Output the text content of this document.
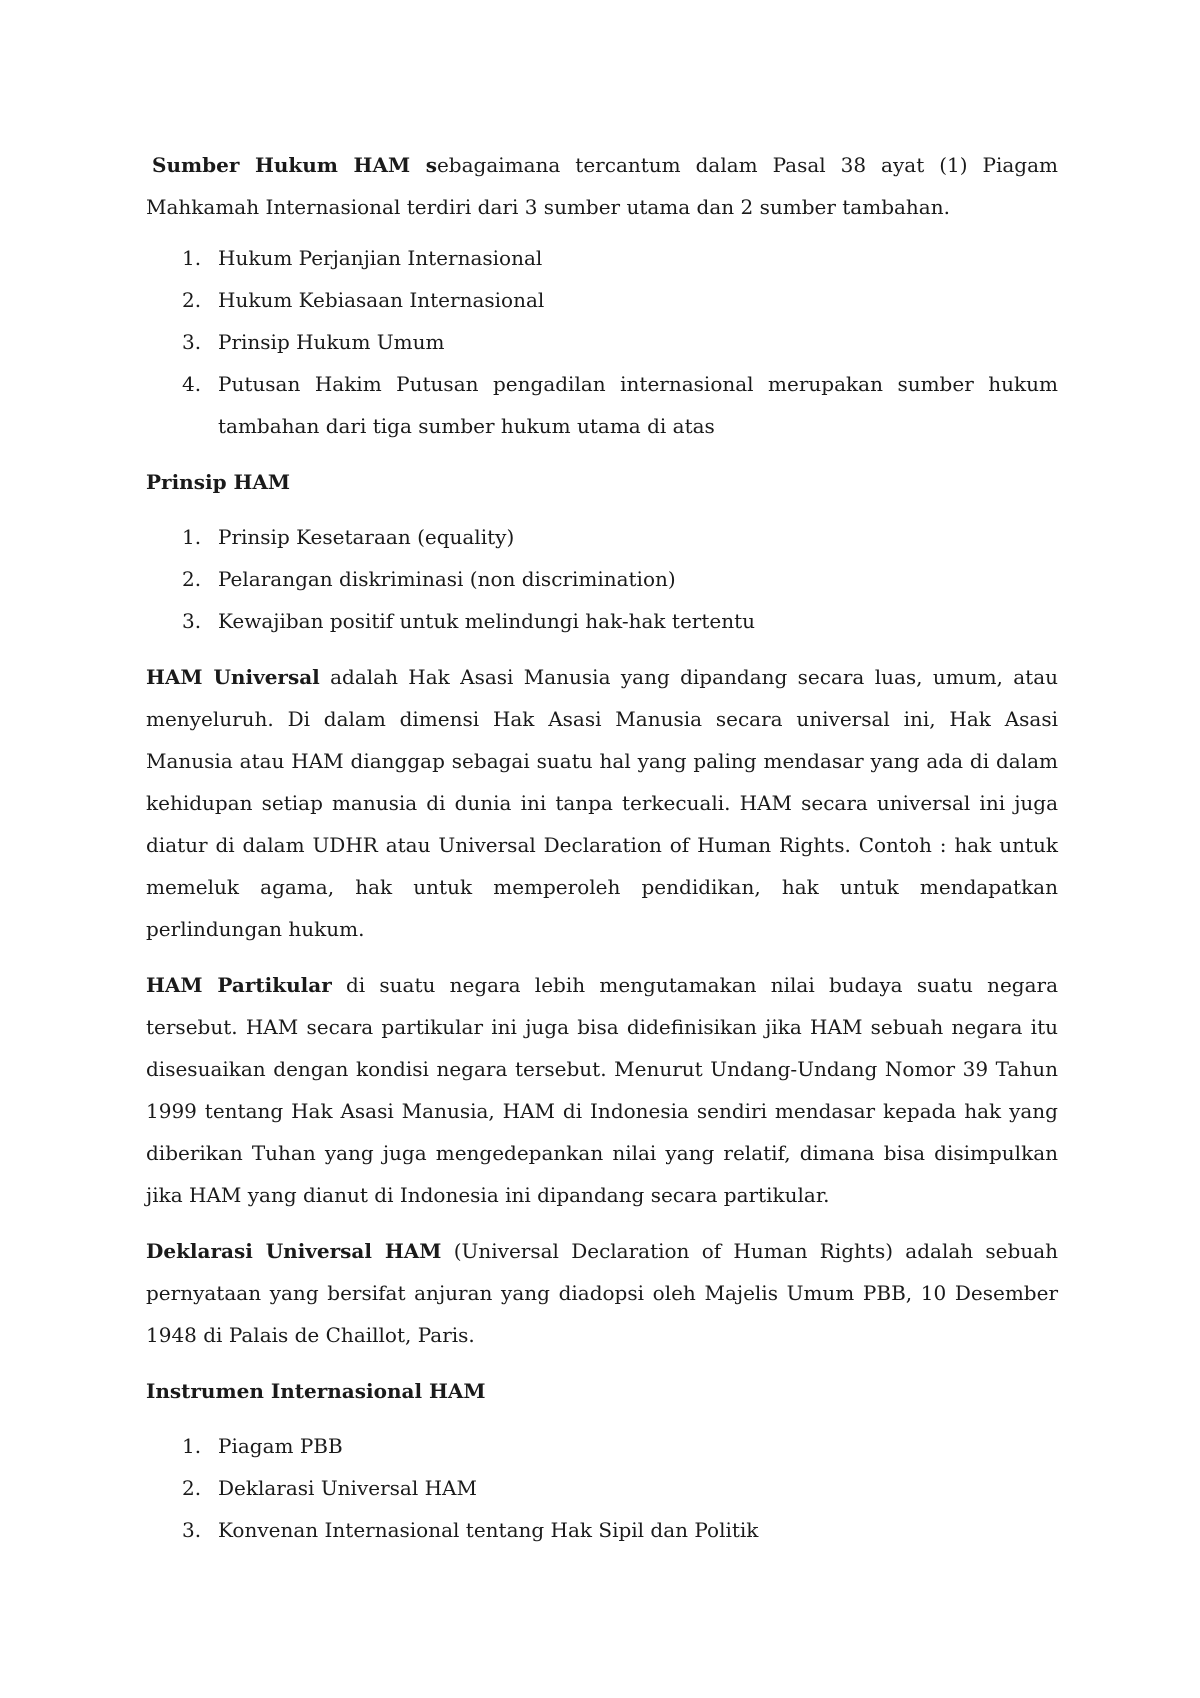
Sumber Hukum HAM sebagaimana tercantum dalam Pasal 38 ayat (1) Piagam Mahkamah Internasional terdiri dari 3 sumber utama dan 2 sumber tambahan.

1. Hukum Perjanjian Internasional
2. Hukum Kebiasaan Internasional
3. Prinsip Hukum Umum
4. Putusan Hakim Putusan pengadilan internasional merupakan sumber hukum tambahan dari tiga sumber hukum utama di atas

Prinsip HAM

1. Prinsip Kesetaraan (equality)
2. Pelarangan diskriminasi (non discrimination)
3. Kewajiban positif untuk melindungi hak-hak tertentu

HAM Universal adalah Hak Asasi Manusia yang dipandang secara luas, umum, atau menyeluruh. Di dalam dimensi Hak Asasi Manusia secara universal ini, Hak Asasi Manusia atau HAM dianggap sebagai suatu hal yang paling mendasar yang ada di dalam kehidupan setiap manusia di dunia ini tanpa terkecuali. HAM secara universal ini juga diatur di dalam UDHR atau Universal Declaration of Human Rights. Contoh : hak untuk memeluk agama, hak untuk memperoleh pendidikan, hak untuk mendapatkan perlindungan hukum.

HAM Partikular di suatu negara lebih mengutamakan nilai budaya suatu negara tersebut. HAM secara partikular ini juga bisa didefinisikan jika HAM sebuah negara itu disesuaikan dengan kondisi negara tersebut. Menurut Undang-Undang Nomor 39 Tahun 1999 tentang Hak Asasi Manusia, HAM di Indonesia sendiri mendasar kepada hak yang diberikan Tuhan yang juga mengedepankan nilai yang relatif, dimana bisa disimpulkan jika HAM yang dianut di Indonesia ini dipandang secara partikular.

Deklarasi Universal HAM (Universal Declaration of Human Rights) adalah sebuah pernyataan yang bersifat anjuran yang diadopsi oleh Majelis Umum PBB, 10 Desember 1948 di Palais de Chaillot, Paris.

Instrumen Internasional HAM

1. Piagam PBB
2. Deklarasi Universal HAM
3. Konvenan Internasional tentang Hak Sipil dan Politik
